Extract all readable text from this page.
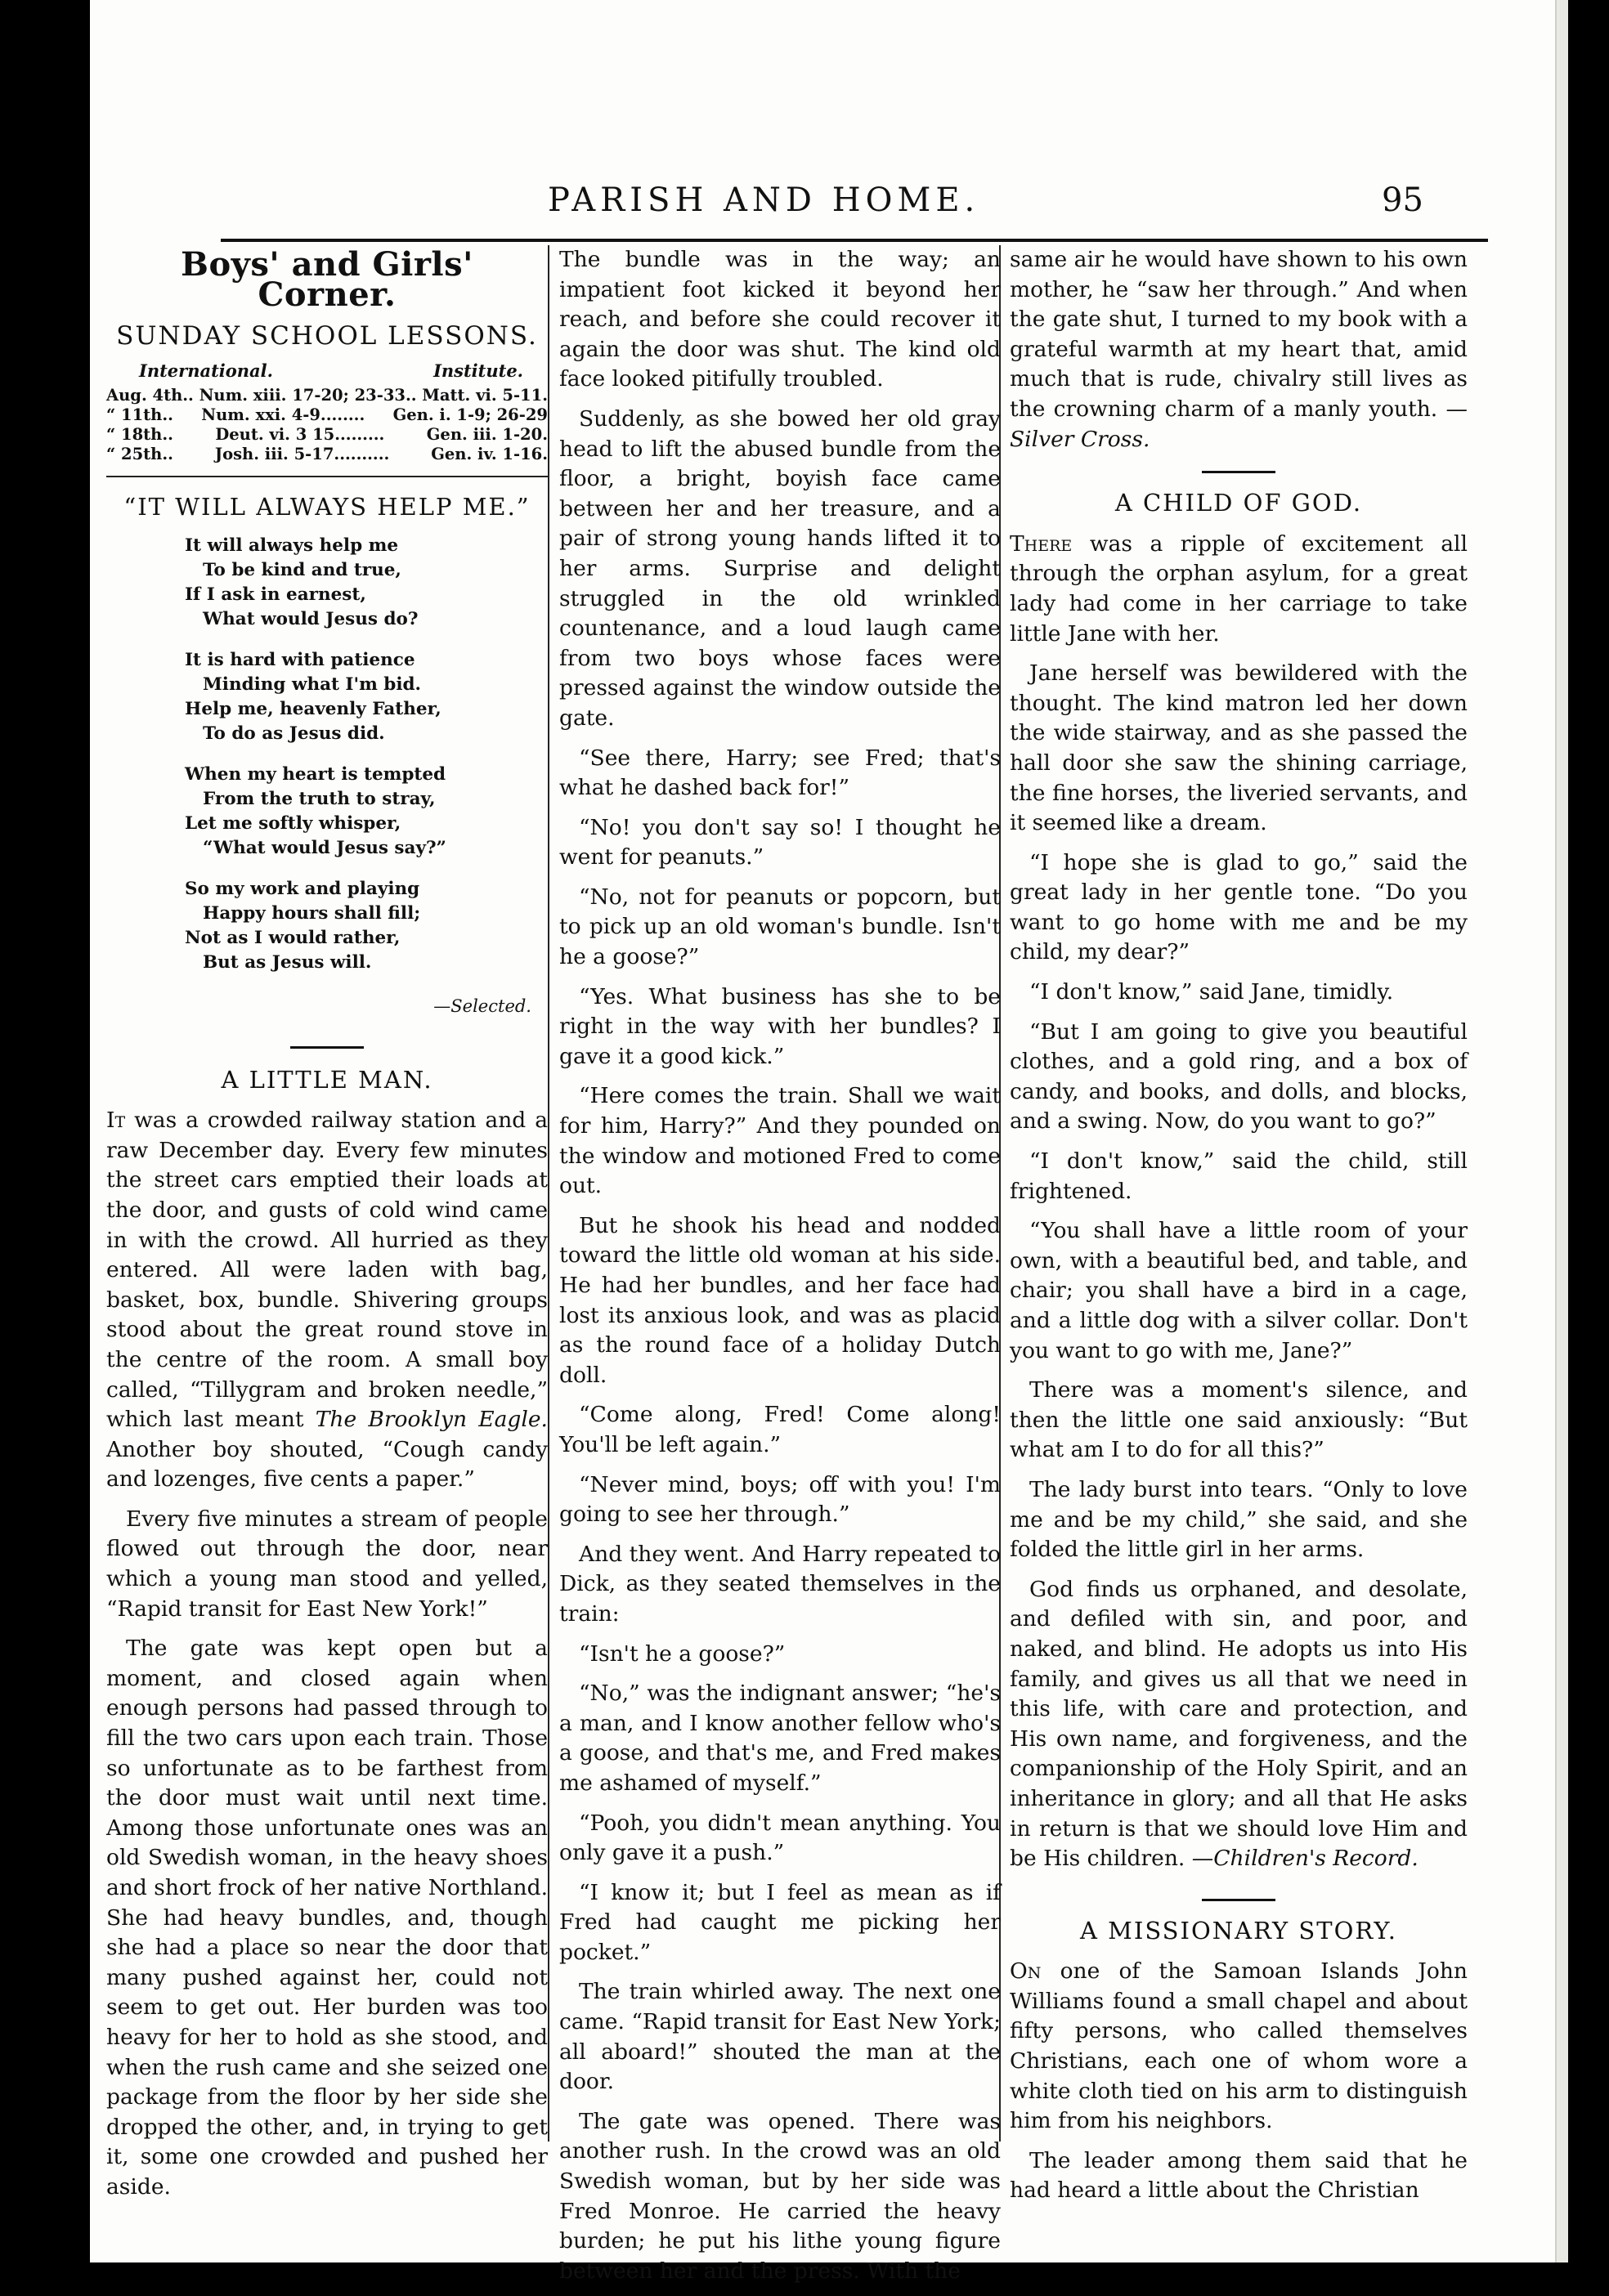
PARISH AND HOME.	95
Boys' and Girls' Corner.
SUNDAY SCHOOL LESSONS.
International.	Institute.
Aug. 4th.. Num. xiii. 17-20; 23-33.. Matt. vi. 5-11.
“ 11th.. Num. xxi. 4-9........ Gen. i. 1-9; 26-29
“ 18th..	Deut. vi. 3 15.........	Gen. iii. 1-20.
“ 25th..	Josh. iii. 5-17..........	Gen. iv. 1-16.
“IT WILL ALWAYS HELP ME.”

It will always help me
To be kind and true,
If I ask in earnest,
What would Jesus do?

It is hard with patience
Minding what I'm bid.
Help me, heavenly Father,
To do as Jesus did.

When my heart is tempted
From the truth to stray,
Let me softly whisper,
“What would Jesus say?”

So my work and playing
Happy hours shall fill;
Not as I would rather,
But as Jesus will.

—Selected.
A LITTLE MAN.

It was a crowded railway station and a raw December day. Every few minutes the street cars emptied their loads at the door, and gusts of cold wind came in with the crowd. All hurried as they entered. All were laden with bag, basket, box, bundle. Shivering groups stood about the great round stove in the centre of the room. A small boy called, “Tillygram and broken needle,” which last meant The Brooklyn Eagle. Another boy shouted, “Cough candy and lozenges, five cents a paper.”

Every five minutes a stream of people flowed out through the door, near which a young man stood and yelled, “Rapid transit for East New York!”

The gate was kept open but a moment, and closed again when enough persons had passed through to fill the two cars upon each train. Those so unfortunate as to be farthest from the door must wait until next time. Among those unfortunate ones was an old Swedish woman, in the heavy shoes and short frock of her native Northland. She had heavy bundles, and, though she had a place so near the door that many pushed against her, could not seem to get out. Her burden was too heavy for her to hold as she stood, and when the rush came and she seized one package from the floor by her side she dropped the other, and, in trying to get it, some one crowded and pushed her aside.

The bundle was in the way; an impatient foot kicked it beyond her reach, and before she could recover it again the door was shut. The kind old face looked pitifully troubled.

Suddenly, as she bowed her old gray head to lift the abused bundle from the floor, a bright, boyish face came between her and her treasure, and a pair of strong young hands lifted it to her arms. Surprise and delight struggled in the old wrinkled countenance, and a loud laugh came from two boys whose faces were pressed against the window outside the gate.

“See there, Harry; see Fred; that's what he dashed back for!”

“No! you don't say so! I thought he went for peanuts.”

“No, not for peanuts or popcorn, but to pick up an old woman's bundle. Isn't he a goose?”

“Yes. What business has she to be right in the way with her bundles? I gave it a good kick.”

“Here comes the train. Shall we wait for him, Harry?” And they pounded on the window and motioned Fred to come out.

But he shook his head and nodded toward the little old woman at his side. He had her bundles, and her face had lost its anxious look, and was as placid as the round face of a holiday Dutch doll.

“Come along, Fred! Come along! You'll be left again.”

“Never mind, boys; off with you! I'm going to see her through.”

And they went. And Harry repeated to Dick, as they seated themselves in the train:

“Isn't he a goose?”

“No,” was the indignant answer; “he's a man, and I know another fellow who's a goose, and that's me, and Fred makes me ashamed of myself.”

“Pooh, you didn't mean anything. You only gave it a push.”

“I know it; but I feel as mean as if Fred had caught me picking her pocket.”

The train whirled away. The next one came. “Rapid transit for East New York; all aboard!” shouted the man at the door.

The gate was opened. There was another rush. In the crowd was an old Swedish woman, but by her side was Fred Monroe. He carried the heavy burden; he put his lithe young figure between her and the press. With the

same air he would have shown to his own mother, he “saw her through.” And when the gate shut, I turned to my book with a grateful warmth at my heart that, amid much that is rude, chivalry still lives as the crowning charm of a manly youth. —Silver Cross.

A CHILD OF GOD.

There was a ripple of excitement all through the orphan asylum, for a great lady had come in her carriage to take little Jane with her.

Jane herself was bewildered with the thought. The kind matron led her down the wide stairway, and as she passed the hall door she saw the shining carriage, the fine horses, the liveried servants, and it seemed like a dream.

“I hope she is glad to go,” said the great lady in her gentle tone. “Do you want to go home with me and be my child, my dear?”

“I don't know,” said Jane, timidly.

“But I am going to give you beautiful clothes, and a gold ring, and a box of candy, and books, and dolls, and blocks, and a swing. Now, do you want to go?”

“I don't know,” said the child, still frightened.

“You shall have a little room of your own, with a beautiful bed, and table, and chair; you shall have a bird in a cage, and a little dog with a silver collar. Don't you want to go with me, Jane?”

There was a moment's silence, and then the little one said anxiously: “But what am I to do for all this?”

The lady burst into tears. “Only to love me and be my child,” she said, and she folded the little girl in her arms.

God finds us orphaned, and desolate, and defiled with sin, and poor, and naked, and blind. He adopts us into His family, and gives us all that we need in this life, with care and protection, and His own name, and forgiveness, and the companionship of the Holy Spirit, and an inheritance in glory; and all that He asks in return is that we should love Him and be His children. —Children's Record.

A MISSIONARY STORY.

On one of the Samoan Islands John Williams found a small chapel and about fifty persons, who called themselves Christians, each one of whom wore a white cloth tied on his arm to distinguish him from his neighbors.

The leader among them said that he had heard a little about the Christian
